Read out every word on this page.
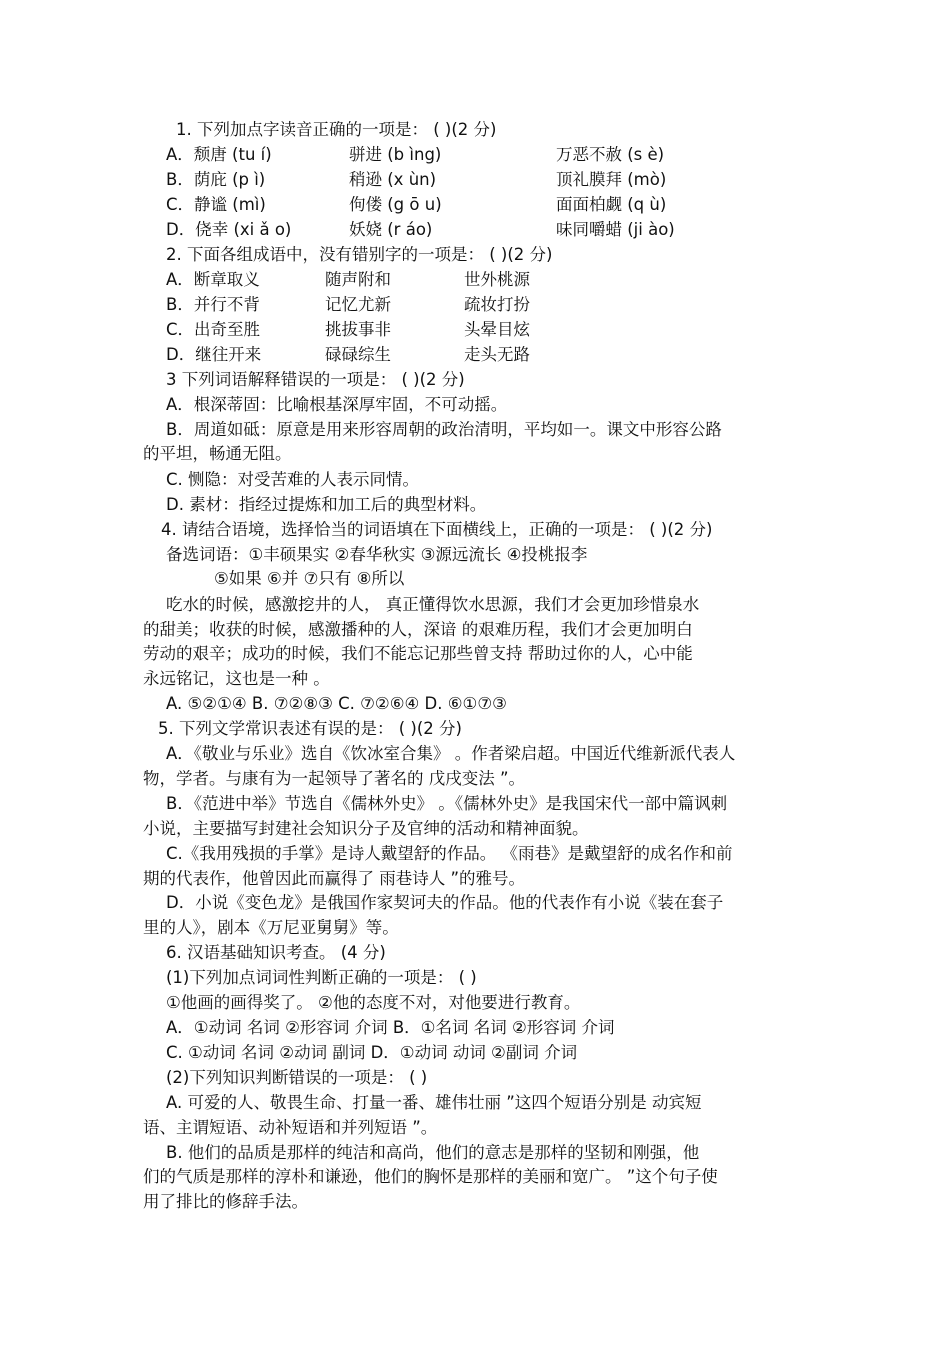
1. 下列加点字读音正确的一项是： ( )(2 分)
A．颓唐 (tu í)	骈进 (b ìng)	万恶不赦 (s è)
B．荫庇 (p ì)	稍逊 (x ùn)	顶礼膜拜 (mò)
C．静谧 (mì)	佝偻 (g ō u)	面面柏觑 (q ù)
D．侥幸 (xi ǎ o)	妖娆 (r áo)	味同嚼蜡 (ji ào)
2. 下面各组成语中，没有错别字的一项是： ( )(2 分)
A．断章取义	随声附和	世外桃源
B．并行不背	记忆尤新	疏妆打扮
C．出奇至胜	挑拔事非	头晕目炫
D．继往开来	碌碌综生	走头无路
3 下列词语解释错误的一项是： ( )(2 分)
A．根深蒂固：比喻根基深厚牢固，不可动摇。
B．周道如砥：原意是用来形容周朝的政治清明，平均如一。课文中形容公路
的平坦，畅通无阻。
C. 恻隐：对受苦难的人表示同情。
D. 素材：指经过提炼和加工后的典型材料。
4. 请结合语境，选择恰当的词语填在下面横线上，正确的一项是： ( )(2 分)
备选词语：①丰硕果实 ②春华秋实 ③源远流长 ④投桃报李
⑤如果 ⑥并 ⑦只有 ⑧所以
吃水的时候，感激挖井的人， 真正懂得饮水思源，我们才会更加珍惜泉水
的甜美；收获的时候，感激播种的人，深谙 的艰难历程，我们才会更加明白
劳动的艰辛；成功的时候，我们不能忘记那些曾支持 帮助过你的人，心中能
永远铭记，这也是一种 。
A. ⑤②①④ B. ⑦②⑧③ C. ⑦②⑥④ D. ⑥①⑦③
5. 下列文学常识表述有误的是： ( )(2 分)
A．《敬业与乐业》选自《饮冰室合集》 。作者梁启超。中国近代维新派代表人
物，学者。与康有为一起领导了著名的 戊戌变法 ”。
B．《范进中举》节选自《儒林外史》 。《儒林外史》是我国宋代一部中篇讽刺
小说，主要描写封建社会知识分子及官绅的活动和精神面貌。
C.《我用残损的手掌》是诗人戴望舒的作品。 《雨巷》是戴望舒的成名作和前
期的代表作，他曾因此而赢得了 雨巷诗人 ”的雅号。
D．小说《变色龙》是俄国作家契诃夫的作品。他的代表作有小说《装在套子
里的人》，剧本《万尼亚舅舅》等。
6. 汉语基础知识考查。 (4 分)
(1)下列加点词词性判断正确的一项是： ( )
①他画的画得奖了。 ②他的态度不对，对他要进行教育。
A．①动词 名词 ②形容词 介词 B．①名词 名词 ②形容词 介词
C. ①动词 名词 ②动词 副词 D．①动词 动词 ②副词 介词
(2)下列知识判断错误的一项是： ( )
A. 可爱的人、敬畏生命、打量一番、雄伟壮丽 ”这四个短语分别是 动宾短
语、主谓短语、动补短语和并列短语 ”。
B. 他们的品质是那样的纯洁和高尚，他们的意志是那样的坚韧和刚强，他
们的气质是那样的淳朴和谦逊，他们的胸怀是那样的美丽和宽广。 ”这个句子使
用了排比的修辞手法。
